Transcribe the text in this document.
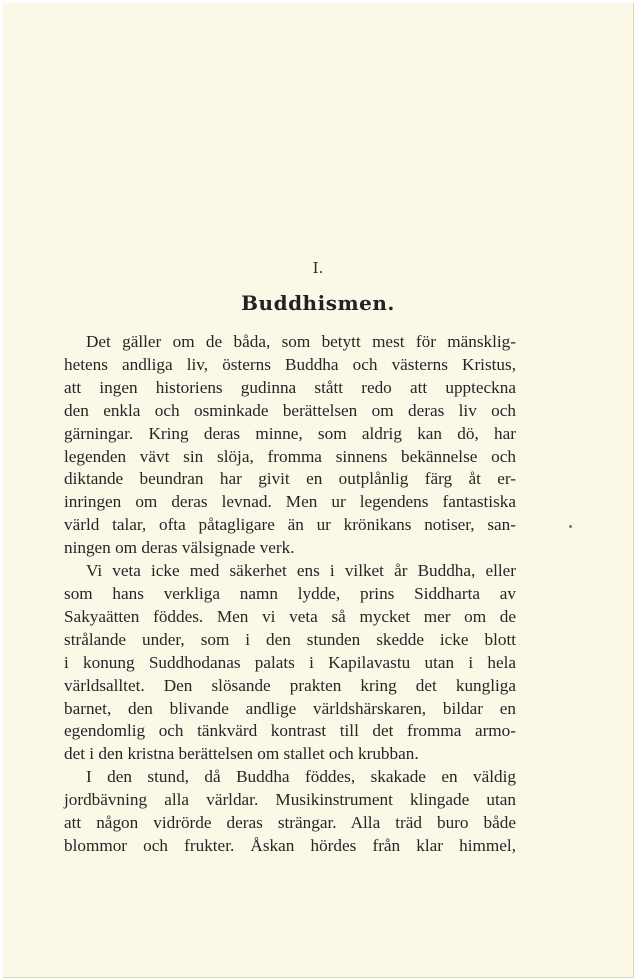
I.
Buddhismen.
Det gäller om de båda, som betytt mest för mänsklig-
hetens andliga liv, österns Buddha och västerns Kristus,
att ingen historiens gudinna stått redo att uppteckna
den enkla och osminkade berättelsen om deras liv och
gärningar. Kring deras minne, som aldrig kan dö, har
legenden vävt sin slöja, fromma sinnens bekännelse och
diktande beundran har givit en outplånlig färg åt er-
inringen om deras levnad. Men ur legendens fantastiska
värld talar, ofta påtagligare än ur krönikans notiser, san-
ningen om deras välsignade verk.
Vi veta icke med säkerhet ens i vilket år Buddha, eller
som hans verkliga namn lydde, prins Siddharta av
Sakyaätten föddes. Men vi veta så mycket mer om de
strålande under, som i den stunden skedde icke blott
i konung Suddhodanas palats i Kapilavastu utan i hela
världsalltet. Den slösande prakten kring det kungliga
barnet, den blivande andlige världshärskaren, bildar en
egendomlig och tänkvärd kontrast till det fromma armo-
det i den kristna berättelsen om stallet och krubban.
I den stund, då Buddha föddes, skakade en väldig
jordbävning alla världar. Musikinstrument klingade utan
att någon vidrörde deras strängar. Alla träd buro både
blommor och frukter. Åskan hördes från klar himmel,
